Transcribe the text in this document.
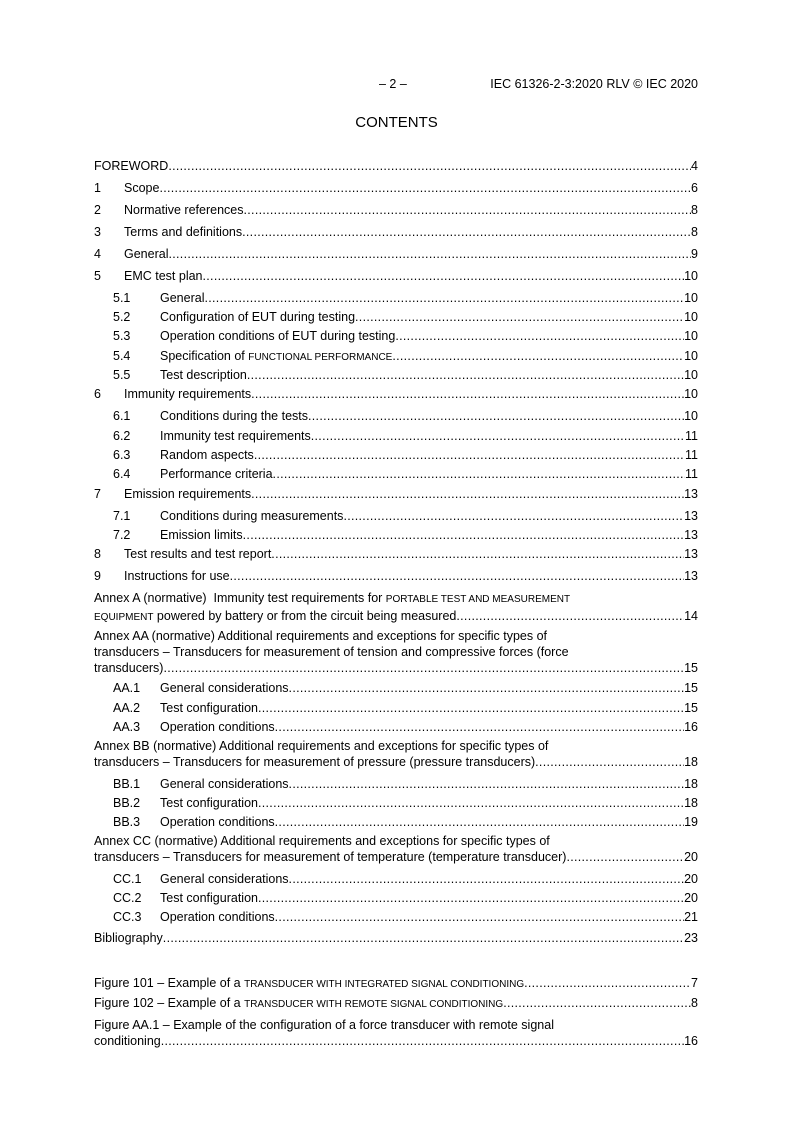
– 2 –	IEC 61326-2-3:2020 RLV © IEC 2020
CONTENTS
FOREWORD .....	4
1	Scope .....	6
2	Normative references .....	8
3	Terms and definitions .....	8
4	General .....	9
5	EMC test plan .....	10
5.1	General .....	10
5.2	Configuration of EUT during testing .....	10
5.3	Operation conditions of EUT during testing .....	10
5.4	Specification of FUNCTIONAL PERFORMANCE .....	10
5.5	Test description .....	10
6	Immunity requirements .....	10
6.1	Conditions during the tests .....	10
6.2	Immunity test requirements .....	11
6.3	Random aspects .....	11
6.4	Performance criteria .....	11
7	Emission requirements .....	13
7.1	Conditions during measurements .....	13
7.2	Emission limits .....	13
8	Test results and test report .....	13
9	Instructions for use .....	13
Annex A (normative)  Immunity test requirements for PORTABLE TEST AND MEASUREMENT
EQUIPMENT powered by battery or from the circuit being measured .....	14
Annex AA (normative) Additional requirements and exceptions for specific types of
transducers – Transducers for measurement of tension and compressive forces (force
transducers) .....	15
AA.1	General considerations .....	15
AA.2	Test configuration .....	15
AA.3	Operation conditions .....	16
Annex BB (normative) Additional requirements and exceptions for specific types of
transducers – Transducers for measurement of pressure (pressure transducers) .....	18
BB.1	General considerations .....	18
BB.2	Test configuration .....	18
BB.3	Operation conditions .....	19
Annex CC (normative) Additional requirements and exceptions for specific types of
transducers – Transducers for measurement of temperature (temperature transducer) .....	20
CC.1	General considerations .....	20
CC.2	Test configuration .....	20
CC.3	Operation conditions .....	21
Bibliography .....	23
Figure 101 – Example of a TRANSDUCER WITH INTEGRATED SIGNAL CONDITIONING .....	7
Figure 102 – Example of a TRANSDUCER WITH REMOTE SIGNAL CONDITIONING .....	8
Figure AA.1 – Example of the configuration of a force transducer with remote signal
conditioning .....	16
